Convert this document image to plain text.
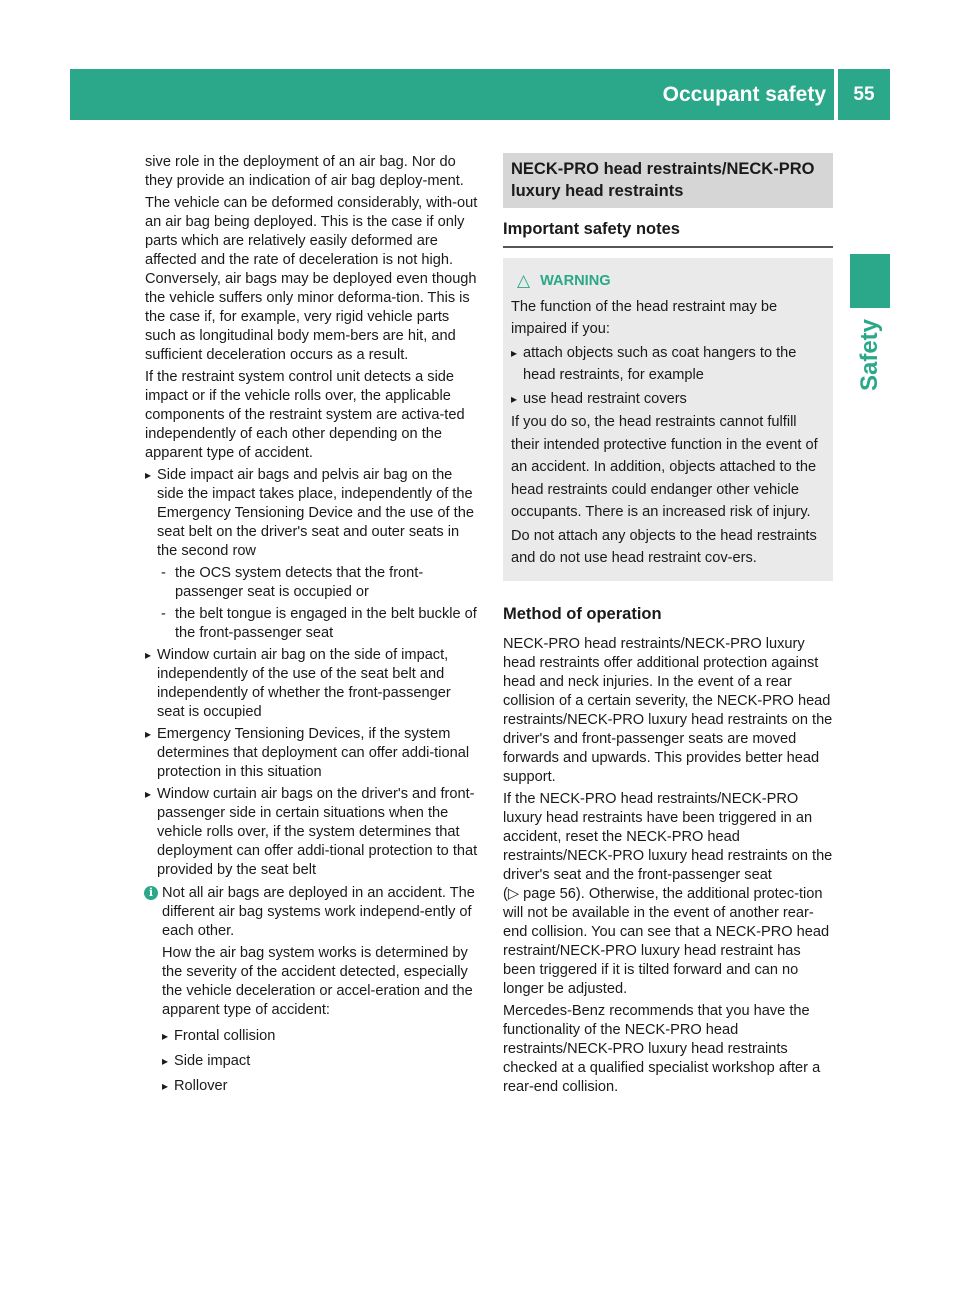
Occupant safety	55
Safety

sive role in the deployment of an air bag. Nor do they provide an indication of air bag deploy-ment.

The vehicle can be deformed considerably, with-out an air bag being deployed. This is the case if only parts which are relatively easily deformed are affected and the rate of deceleration is not high. Conversely, air bags may be deployed even though the vehicle suffers only minor deforma-tion. This is the case if, for example, very rigid vehicle parts such as longitudinal body mem-bers are hit, and sufficient deceleration occurs as a result.

If the restraint system control unit detects a side impact or if the vehicle rolls over, the applicable components of the restraint system are activa-ted independently of each other depending on the apparent type of accident.

▸ Side impact air bags and pelvis air bag on the side the impact takes place, independently of the Emergency Tensioning Device and the use of the seat belt on the driver's seat and outer seats in the second row
- the OCS system detects that the front-passenger seat is occupied or
- the belt tongue is engaged in the belt buckle of the front-passenger seat
▸ Window curtain air bag on the side of impact, independently of the use of the seat belt and independently of whether the front-passenger seat is occupied
▸ Emergency Tensioning Devices, if the system determines that deployment can offer addi-tional protection in this situation
▸ Window curtain air bags on the driver's and front-passenger side in certain situations when the vehicle rolls over, if the system determines that deployment can offer addi-tional protection to that provided by the seat belt
i Not all air bags are deployed in an accident. The different air bag systems work independ-ently of each other.

How the air bag system works is determined by the severity of the accident detected, especially the vehicle deceleration or accel-eration and the apparent type of accident:

▸ Frontal collision
▸ Side impact
▸ Rollover
NECK-PRO head restraints/NECK-PRO luxury head restraints
Important safety notes
△ WARNING

The function of the head restraint may be impaired if you:

▸ attach objects such as coat hangers to the head restraints, for example
▸ use head restraint covers

If you do so, the head restraints cannot fulfill their intended protective function in the event of an accident. In addition, objects attached to the head restraints could endanger other vehicle occupants. There is an increased risk of injury.

Do not attach any objects to the head restraints and do not use head restraint cov-ers.

Method of operation

NECK-PRO head restraints/NECK-PRO luxury head restraints offer additional protection against head and neck injuries. In the event of a rear collision of a certain severity, the NECK-PRO head restraints/NECK-PRO luxury head restraints on the driver's and front-passenger seats are moved forwards and upwards. This provides better head support.

If the NECK-PRO head restraints/NECK-PRO luxury head restraints have been triggered in an accident, reset the NECK-PRO head restraints/NECK-PRO luxury head restraints on the driver's seat and the front-passenger seat
(▷ page 56). Otherwise, the additional protec-tion will not be available in the event of another rear-end collision. You can see that a NECK-PRO head restraint/NECK-PRO luxury head restraint has been triggered if it is tilted forward and can no longer be adjusted.

Mercedes-Benz recommends that you have the functionality of the NECK-PRO head restraints/NECK-PRO luxury head restraints checked at a qualified specialist workshop after a rear-end collision.
